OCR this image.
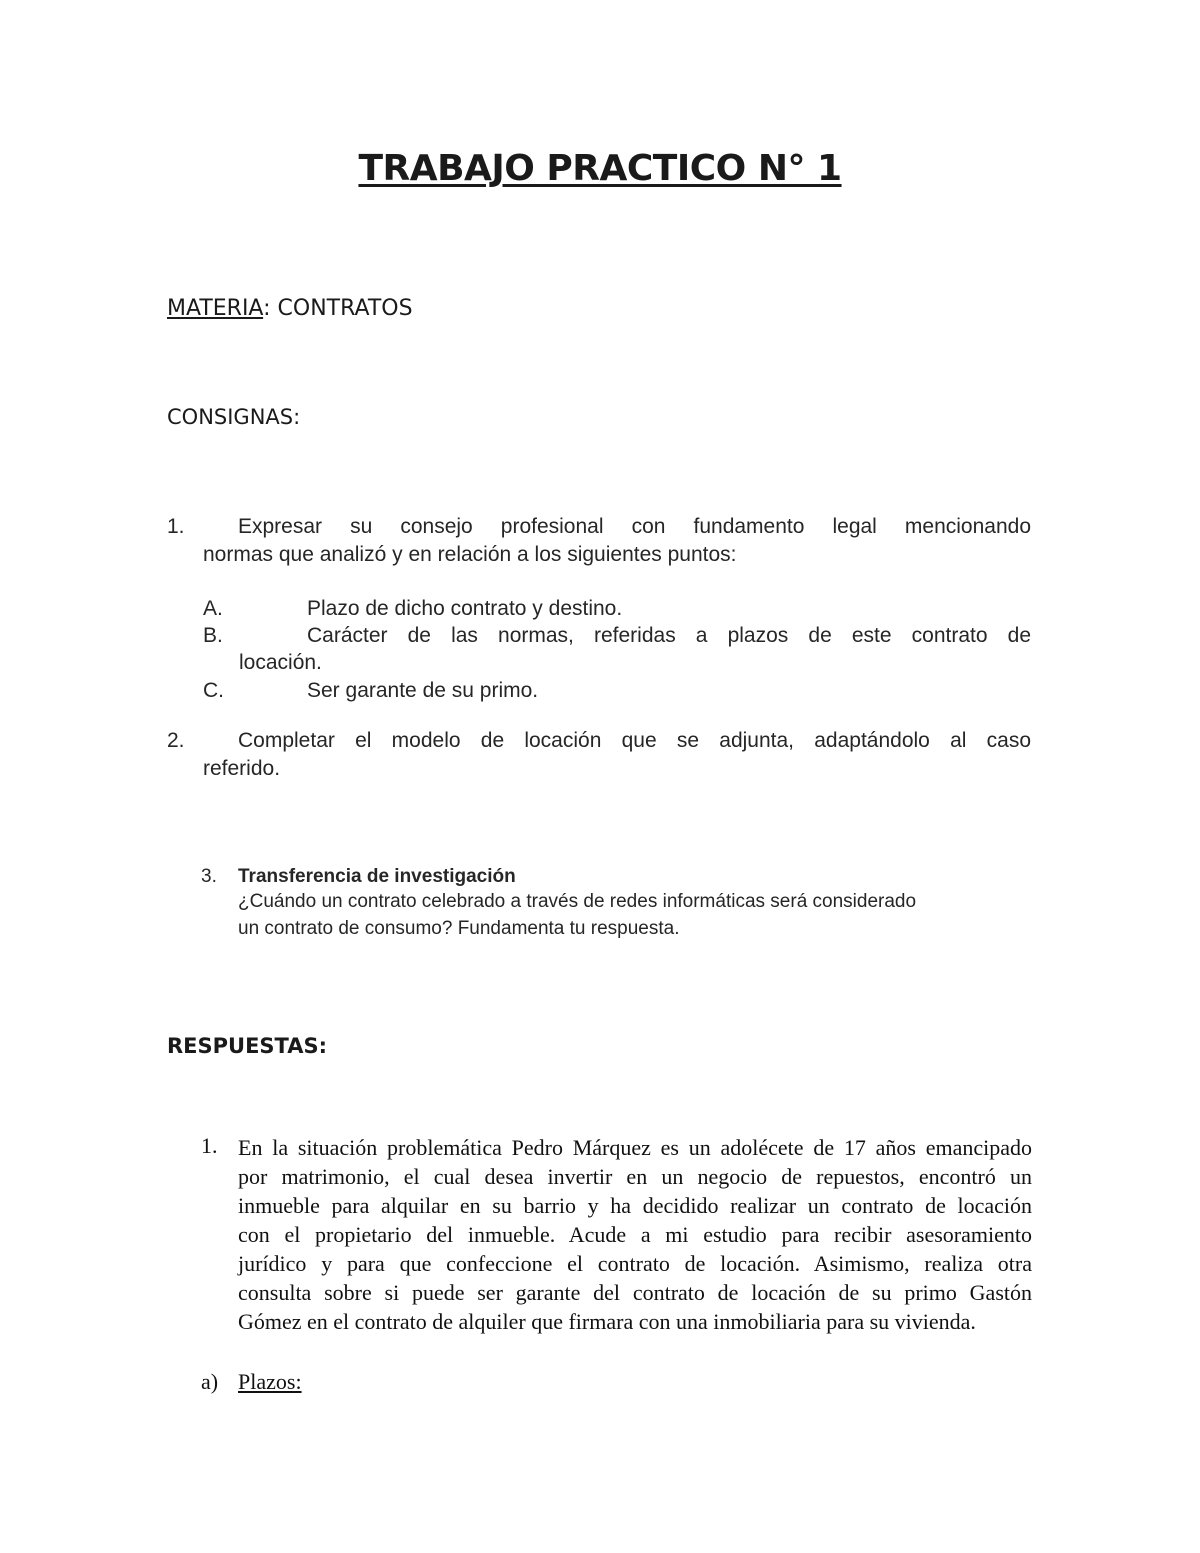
TRABAJO PRACTICO N° 1
MATERIA: CONTRATOS
CONSIGNAS:
1.	Expresar su consejo profesional con fundamento legal mencionando
normas que analizó y en relación a los siguientes puntos:
A.	Plazo de dicho contrato y destino.
B.	Carácter de las normas, referidas a plazos de este contrato de
locación.
C.	Ser garante de su primo.
2.	Completar el modelo de locación que se adjunta, adaptándolo al caso
referido.
3. Transferencia de investigación
¿Cuándo un contrato celebrado a través de redes informáticas será considerado
un contrato de consumo? Fundamenta tu respuesta.
RESPUESTAS:
1. En la situación problemática Pedro Márquez es un adolécete de 17 años emancipado
por matrimonio, el cual desea invertir en un negocio de repuestos, encontró un
inmueble para alquilar en su barrio y ha decidido realizar un contrato de locación
con el propietario del inmueble. Acude a mi estudio para recibir asesoramiento
jurídico y para que confeccione el contrato de locación. Asimismo, realiza otra
consulta sobre si puede ser garante del contrato de locación de su primo Gastón
Gómez en el contrato de alquiler que firmara con una inmobiliaria para su vivienda.
a) Plazos:
